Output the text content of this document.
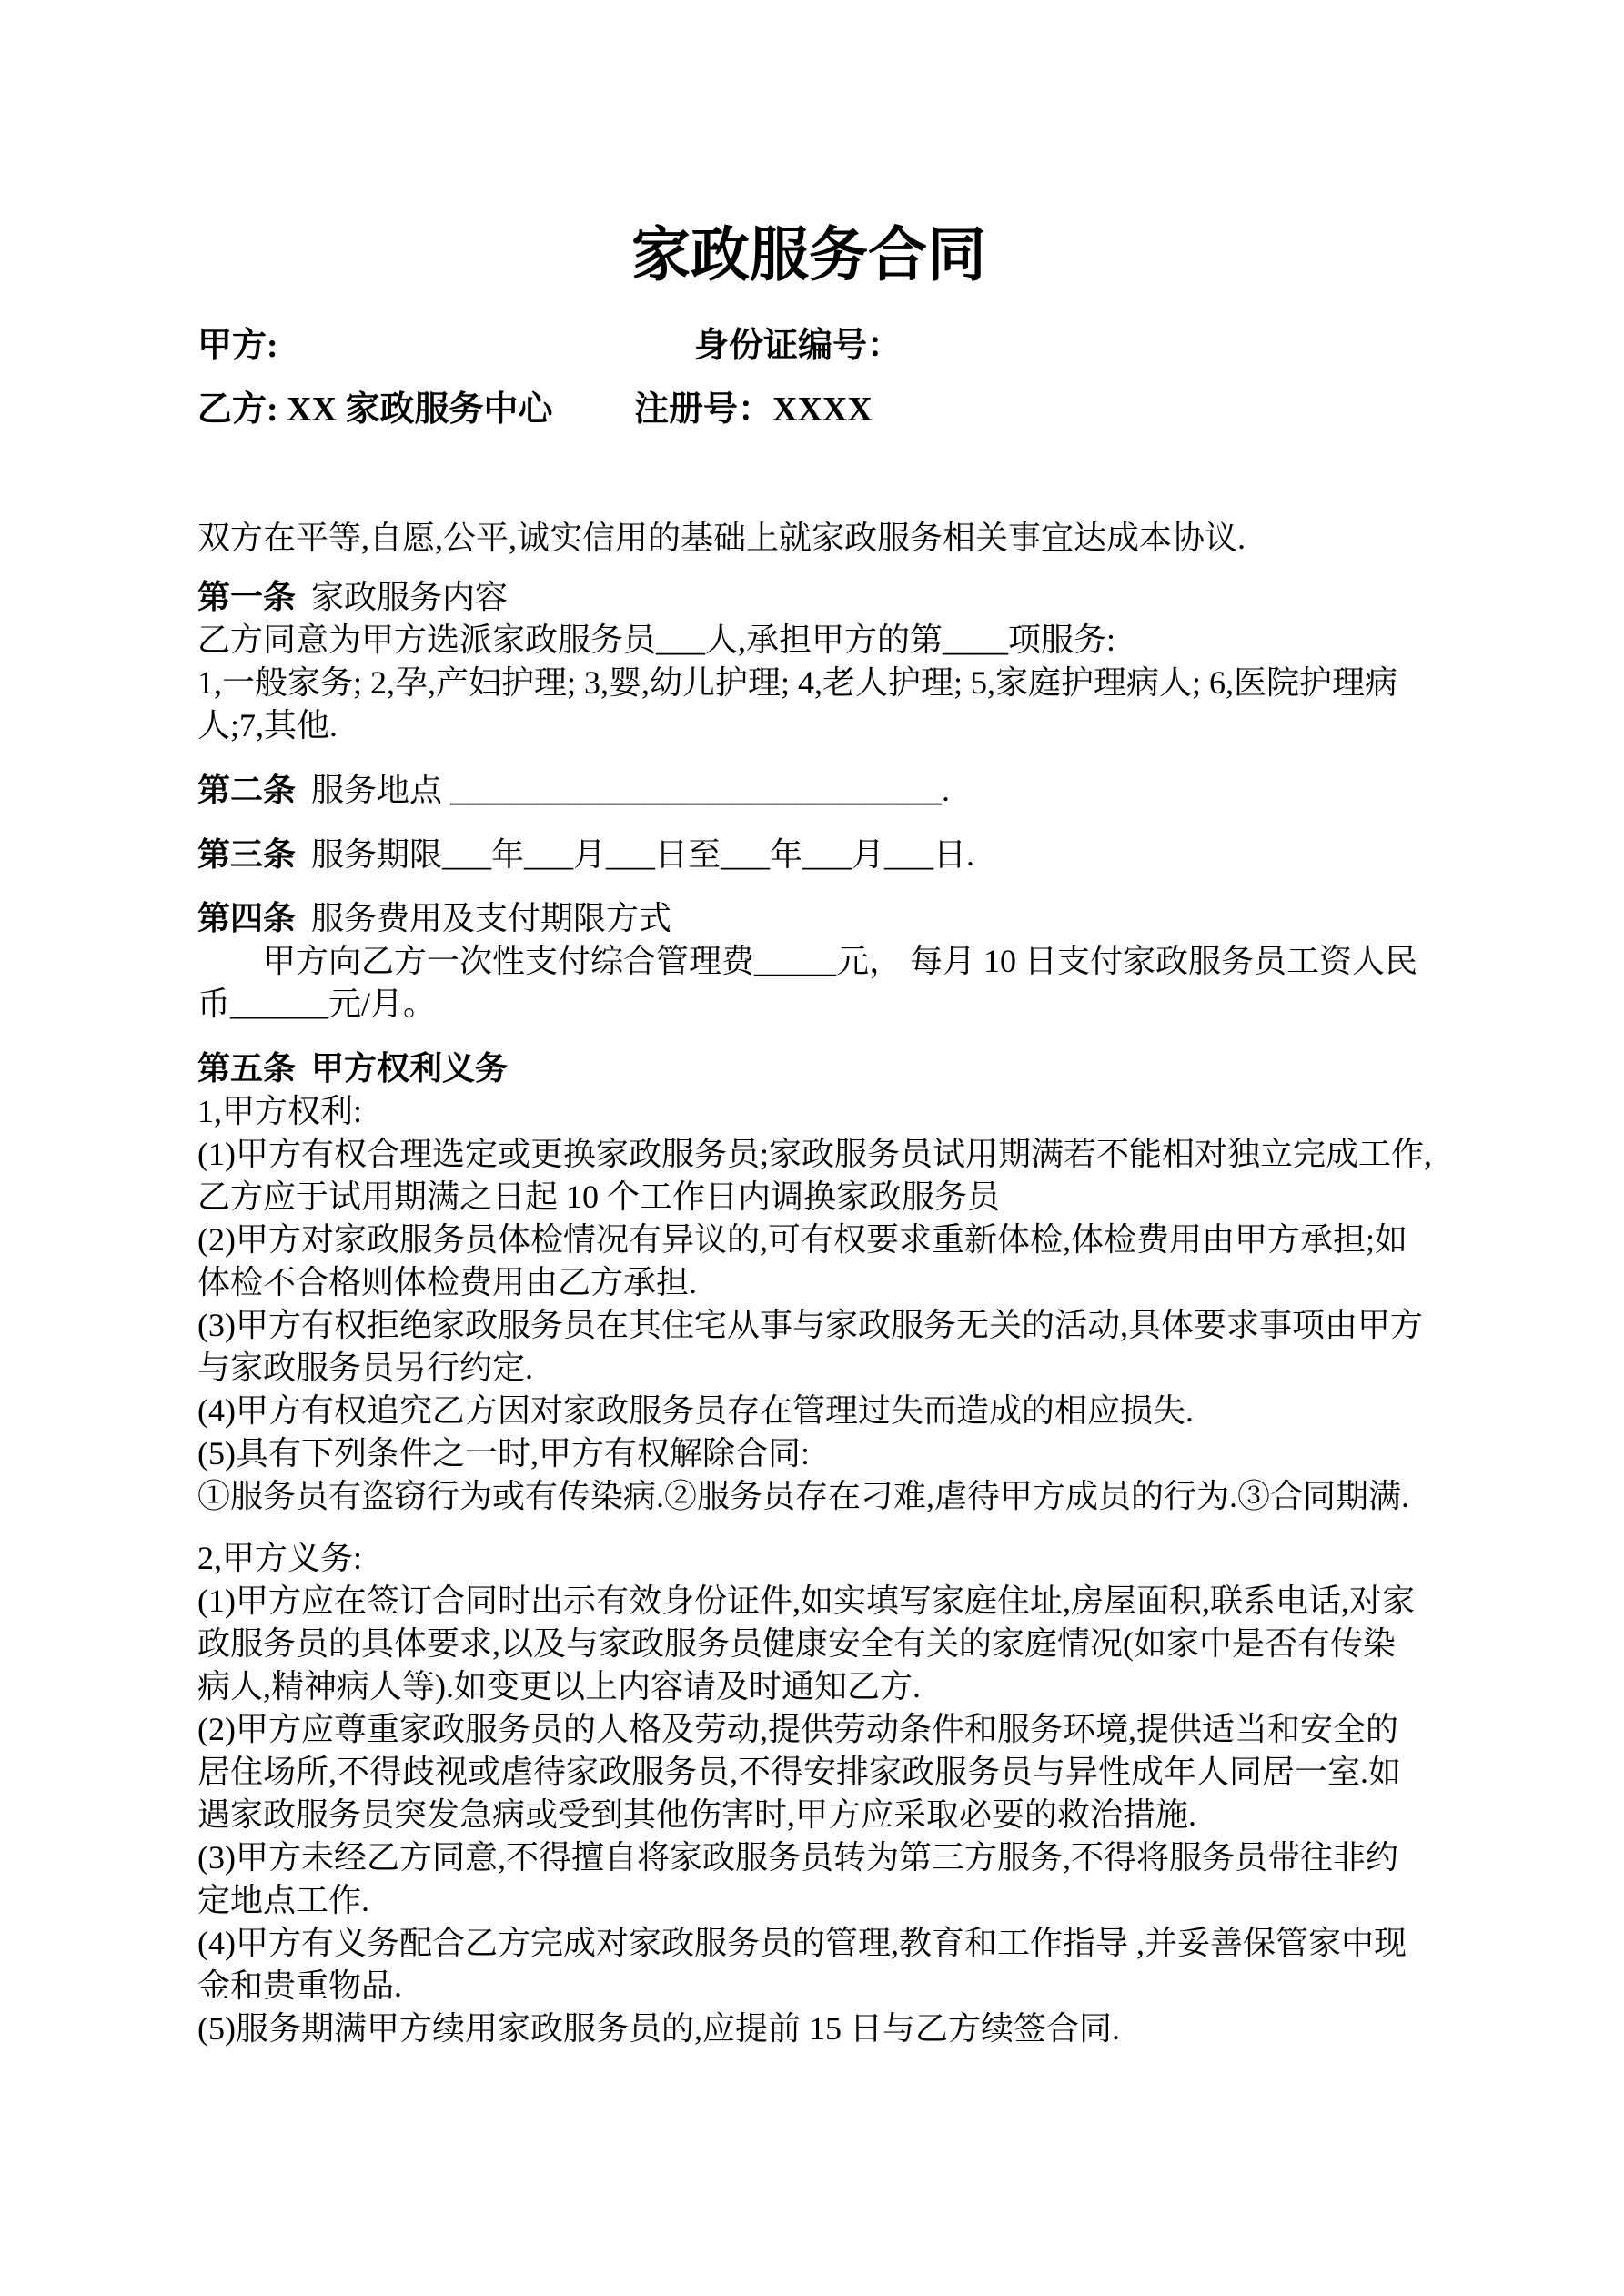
家政服务合同
甲方:	身份证编号：
乙方: XX 家政服务中心 注册号：XXXX
双方在平等,自愿,公平,诚实信用的基础上就家政服务相关事宜达成本协议.
第一条 家政服务内容
乙方同意为甲方选派家政服务员___人,承担甲方的第____项服务:
1,一般家务; 2,孕,产妇护理; 3,婴,幼儿护理; 4,老人护理; 5,家庭护理病人; 6,医院护理病
人;7,其他.
第二条 服务地点 ______________________________.
第三条 服务期限___年___月___日至___年___月___日.
第四条 服务费用及支付期限方式
甲方向乙方一次性支付综合管理费_____元， 每月 10 日支付家政服务员工资人民
币______元/月。
第五条 甲方权利义务
1,甲方权利:
(1)甲方有权合理选定或更换家政服务员;家政服务员试用期满若不能相对独立完成工作,
乙方应于试用期满之日起 10 个工作日内调换家政服务员
(2)甲方对家政服务员体检情况有异议的,可有权要求重新体检,体检费用由甲方承担;如
体检不合格则体检费用由乙方承担.
(3)甲方有权拒绝家政服务员在其住宅从事与家政服务无关的活动,具体要求事项由甲方
与家政服务员另行约定.
(4)甲方有权追究乙方因对家政服务员存在管理过失而造成的相应损失.
(5)具有下列条件之一时,甲方有权解除合同:
①服务员有盗窃行为或有传染病.②服务员存在刁难,虐待甲方成员的行为.③合同期满.
2,甲方义务:
(1)甲方应在签订合同时出示有效身份证件,如实填写家庭住址,房屋面积,联系电话,对家
政服务员的具体要求,以及与家政服务员健康安全有关的家庭情况(如家中是否有传染
病人,精神病人等).如变更以上内容请及时通知乙方.
(2)甲方应尊重家政服务员的人格及劳动,提供劳动条件和服务环境,提供适当和安全的
居住场所,不得歧视或虐待家政服务员,不得安排家政服务员与异性成年人同居一室.如
遇家政服务员突发急病或受到其他伤害时,甲方应采取必要的救治措施.
(3)甲方未经乙方同意,不得擅自将家政服务员转为第三方服务,不得将服务员带往非约
定地点工作.
(4)甲方有义务配合乙方完成对家政服务员的管理,教育和工作指导 ,并妥善保管家中现
金和贵重物品.
(5)服务期满甲方续用家政服务员的,应提前 15 日与乙方续签合同.
